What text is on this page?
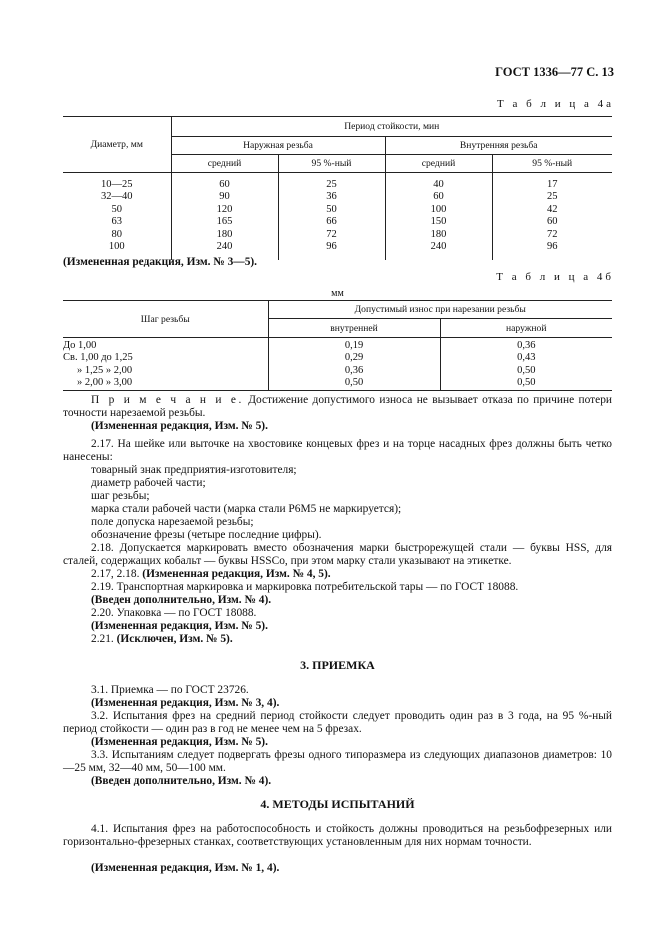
ГОСТ 1336—77 С. 13
Т а б л и ц а 4а
Диаметр, мм	Период стойкости, мин			
	Наружная резьба		Внутренняя резьба	
	средний	95 %-ный	средний	95 %-ный

10—25	60	25	40	17
32—40	90	36	60	25
50	120	50	100	42
63	165	66	150	60
80	180	72	180	72
100	240	96	240	96

(Измененная редакция, Изм. № 3—5).
Т а б л и ц а 4б
мм
Шаг резьбы	Допустимый износ при нарезании резьбы	
	внутренней	наружной

До 1,00	0,19	0,36
Св. 1,00 до 1,25	0,29	0,43
» 1,25 » 2,00	0,36	0,50
» 2,00 » 3,00	0,50	0,50
П р и м е ч а н и е. Достижение допустимого износа не вызывает отказа по причине потери точности нарезаемой резьбы.
(Измененная редакция, Изм. № 5).
2.17. На шейке или выточке на хвостовике концевых фрез и на торце насадных фрез должны быть четко нанесены:
товарный знак предприятия-изготовителя;
диаметр рабочей части;
шаг резьбы;
марка стали рабочей части (марка стали Р6М5 не маркируется);
поле допуска нарезаемой резьбы;
обозначение фрезы (четыре последние цифры).
2.18. Допускается маркировать вместо обозначения марки быстрорежущей стали — буквы HSS, для сталей, содержащих кобальт — буквы HSSCo, при этом марку стали указывают на этикетке.
2.17, 2.18. (Измененная редакция, Изм. № 4, 5).
2.19. Транспортная маркировка и маркировка потребительской тары — по ГОСТ 18088.
(Введен дополнительно, Изм. № 4).
2.20. Упаковка — по ГОСТ 18088.
(Измененная редакция, Изм. № 5).
2.21. (Исключен, Изм. № 5).
3. ПРИЕМКА
3.1. Приемка — по ГОСТ 23726.
(Измененная редакция, Изм. № 3, 4).
3.2. Испытания фрез на средний период стойкости следует проводить один раз в 3 года, на 95 %-ный период стойкости — один раз в год не менее чем на 5 фрезах.
(Измененная редакция, Изм. № 5).
3.3. Испытаниям следует подвергать фрезы одного типоразмера из следующих диапазонов диаметров: 10—25 мм, 32—40 мм, 50—100 мм.
(Введен дополнительно, Изм. № 4).
4. МЕТОДЫ ИСПЫТАНИЙ
4.1. Испытания фрез на работоспособность и стойкость должны проводиться на резьбофрезерных или горизонтально-фрезерных станках, соответствующих установленным для них нормам точности.
(Измененная редакция, Изм. № 1, 4).
